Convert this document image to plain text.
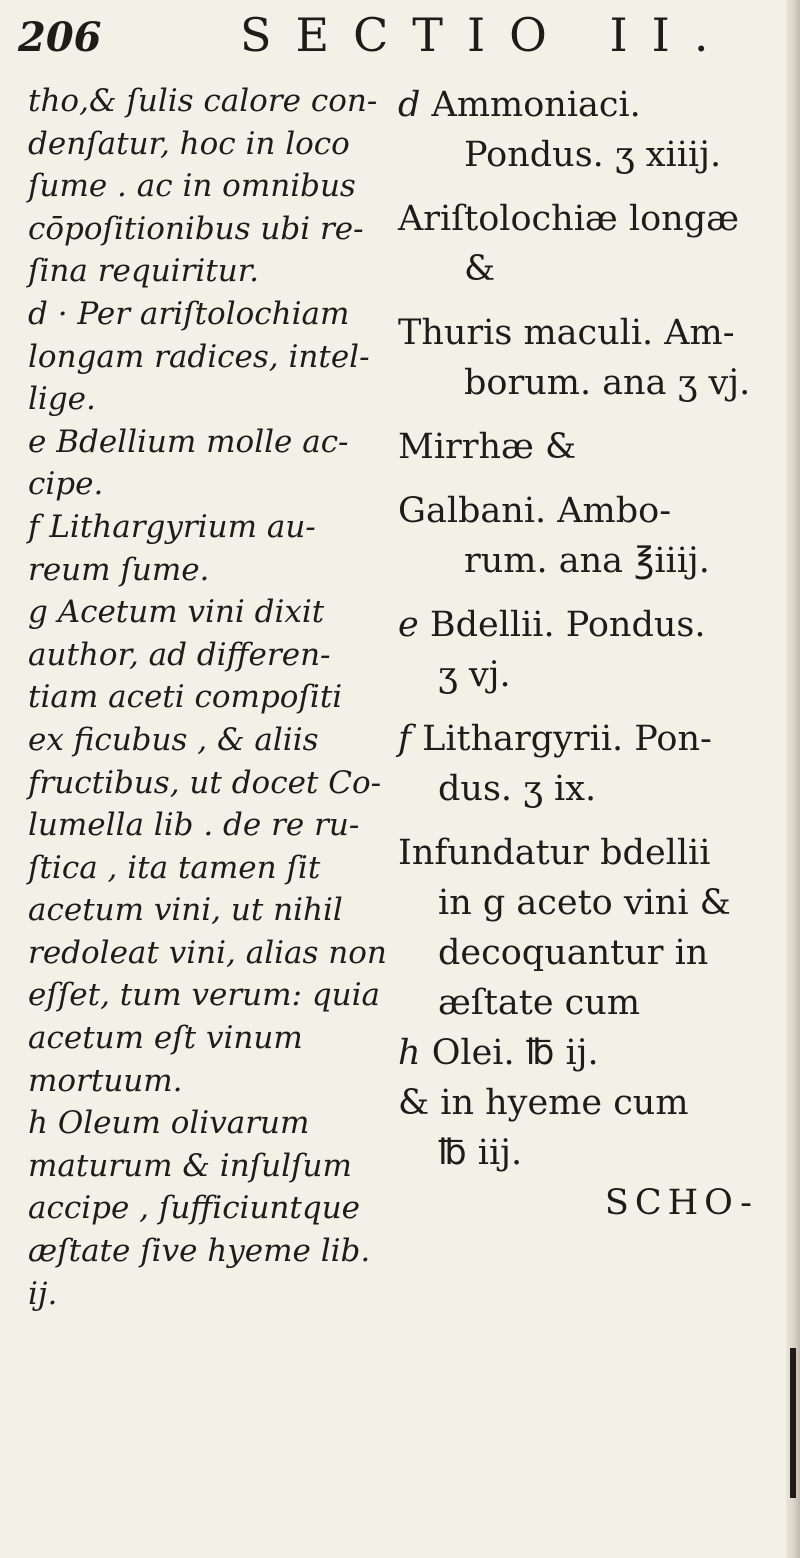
206	SECTIO II.
tho,& ſulis calore con-
denſatur, hoc in loco
ſume . ac in omnibus
cōpoſitionibus ubi re-
ſina requiritur.
d · Per ariſtolochiam
longam radices, intel-
lige.
e Bdellium molle ac-
cipe.
f Lithargyrium au-
reum ſume.
g Acetum vini dixit
author, ad differen-
tiam aceti compoſiti
ex ficubus , & aliis
fructibus, ut docet Co-
lumella lib . de re ru-
ſtica , ita tamen ſit
acetum vini, ut nihil
redoleat vini, alias non
eſſet, tum verum: quia
acetum eſt vinum
mortuum.
h Oleum olivarum
maturum & inſulſum
accipe , ſufficiuntque
æſtate ſive hyeme lib.
ij.
d Ammoniaci.
Pondus. ʒ xiiij.
Ariſtolochiæ longæ
&
Thuris maculi. Am-
borum. ana ʒ vj.
Mirrhæ &
Galbani. Ambo-
rum. ana ℥iiij.
e Bdellii. Pondus.
ʒ vj.
f Lithargyrii. Pon-
dus. ʒ ix.
Infundatur bdellii
in g aceto vini &
decoquantur in
æſtate cum
h Olei. ℔ ij.
& in hyeme cum
℔ iij.
SCHO-
